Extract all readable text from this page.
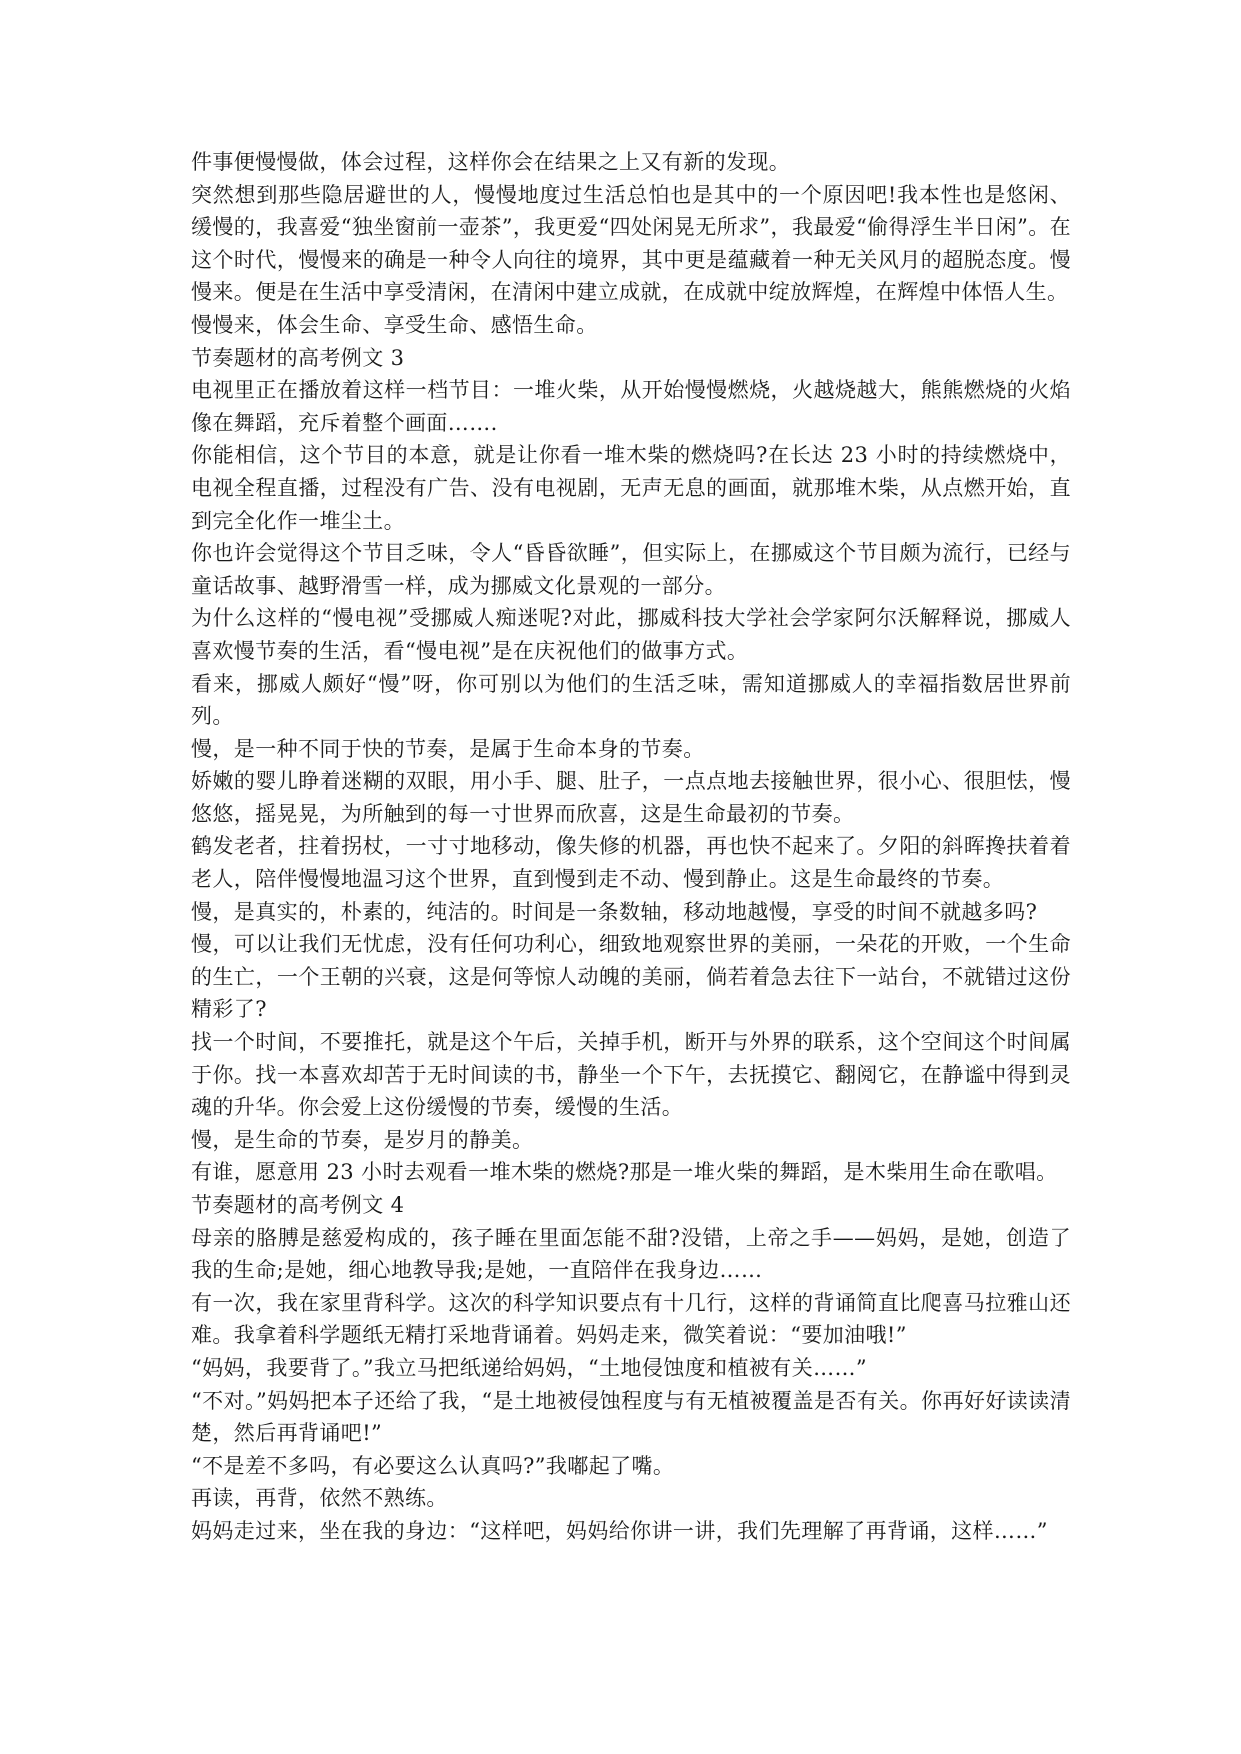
件事便慢慢做，体会过程，这样你会在结果之上又有新的发现。

突然想到那些隐居避世的人，慢慢地度过生活总怕也是其中的一个原因吧!我本性也是悠闲、缓慢的，我喜爱“独坐窗前一壶茶”，我更爱“四处闲晃无所求”，我最爱“偷得浮生半日闲”。在这个时代，慢慢来的确是一种令人向往的境界，其中更是蕴藏着一种无关风月的超脱态度。慢慢来。便是在生活中享受清闲，在清闲中建立成就，在成就中绽放辉煌，在辉煌中体悟人生。

慢慢来，体会生命、享受生命、感悟生命。

节奏题材的高考例文 3

电视里正在播放着这样一档节目：一堆火柴，从开始慢慢燃烧，火越烧越大，熊熊燃烧的火焰像在舞蹈，充斥着整个画面…….

你能相信，这个节目的本意，就是让你看一堆木柴的燃烧吗?在长达 23 小时的持续燃烧中，电视全程直播，过程没有广告、没有电视剧，无声无息的画面，就那堆木柴，从点燃开始，直到完全化作一堆尘土。

你也许会觉得这个节目乏味，令人“昏昏欲睡”，但实际上，在挪威这个节目颇为流行，已经与童话故事、越野滑雪一样，成为挪威文化景观的一部分。

为什么这样的“慢电视”受挪威人痴迷呢?对此，挪威科技大学社会学家阿尔沃解释说，挪威人喜欢慢节奏的生活，看“慢电视”是在庆祝他们的做事方式。

看来，挪威人颇好“慢”呀，你可别以为他们的生活乏味，需知道挪威人的幸福指数居世界前列。

慢，是一种不同于快的节奏，是属于生命本身的节奏。

娇嫩的婴儿睁着迷糊的双眼，用小手、腿、肚子，一点点地去接触世界，很小心、很胆怯，慢悠悠，摇晃晃，为所触到的每一寸世界而欣喜，这是生命最初的节奏。

鹤发老者，拄着拐杖，一寸寸地移动，像失修的机器，再也快不起来了。夕阳的斜晖搀扶着着老人，陪伴慢慢地温习这个世界，直到慢到走不动、慢到静止。这是生命最终的节奏。

慢，是真实的，朴素的，纯洁的。时间是一条数轴，移动地越慢，享受的时间不就越多吗?

慢，可以让我们无忧虑，没有任何功利心，细致地观察世界的美丽，一朵花的开败，一个生命的生亡，一个王朝的兴衰，这是何等惊人动魄的美丽，倘若着急去往下一站台，不就错过这份精彩了?

找一个时间，不要推托，就是这个午后，关掉手机，断开与外界的联系，这个空间这个时间属于你。找一本喜欢却苦于无时间读的书，静坐一个下午，去抚摸它、翻阅它，在静谧中得到灵魂的升华。你会爱上这份缓慢的节奏，缓慢的生活。

慢，是生命的节奏，是岁月的静美。

有谁，愿意用 23 小时去观看一堆木柴的燃烧?那是一堆火柴的舞蹈，是木柴用生命在歌唱。

节奏题材的高考例文 4

母亲的胳膊是慈爱构成的，孩子睡在里面怎能不甜?没错，上帝之手——妈妈，是她，创造了我的生命;是她，细心地教导我;是她，一直陪伴在我身边……

有一次，我在家里背科学。这次的科学知识要点有十几行，这样的背诵简直比爬喜马拉雅山还难。我拿着科学题纸无精打采地背诵着。妈妈走来，微笑着说：“要加油哦!”

“妈妈，我要背了。”我立马把纸递给妈妈，“土地侵蚀度和植被有关……”

“不对。”妈妈把本子还给了我，“是土地被侵蚀程度与有无植被覆盖是否有关。你再好好读读清楚，然后再背诵吧!”

“不是差不多吗，有必要这么认真吗?”我嘟起了嘴。

再读，再背，依然不熟练。

妈妈走过来，坐在我的身边：“这样吧，妈妈给你讲一讲，我们先理解了再背诵，这样……”
